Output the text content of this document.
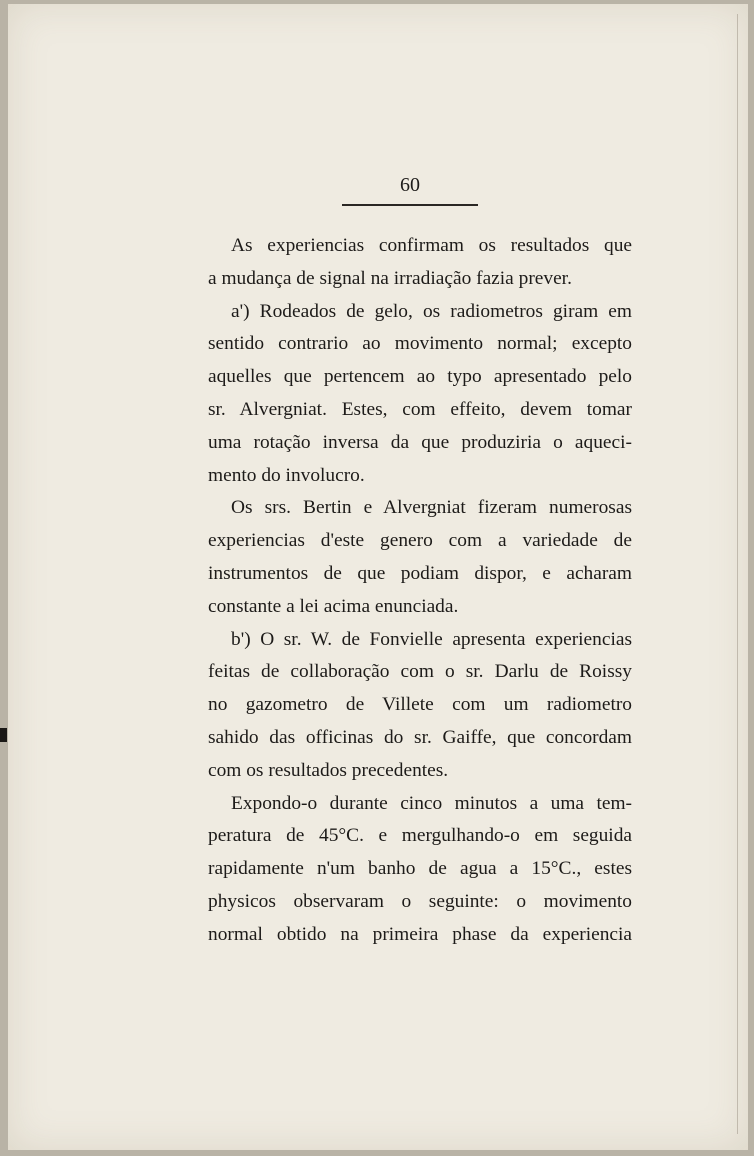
60
As experiencias confirmam os resultados que
a mudança de signal na irradiação fazia prever.
a') Rodeados de gelo, os radiometros giram em
sentido contrario ao movimento normal; excepto
aquelles que pertencem ao typo apresentado pelo
sr. Alvergniat. Estes, com effeito, devem tomar
uma rotação inversa da que produziria o aqueci-
mento do involucro.
Os srs. Bertin e Alvergniat fizeram numerosas
experiencias d'este genero com a variedade de
instrumentos de que podiam dispor, e acharam
constante a lei acima enunciada.
b') O sr. W. de Fonvielle apresenta experiencias
feitas de collaboração com o sr. Darlu de Roissy
no gazometro de Villete com um radiometro
sahido das officinas do sr. Gaiffe, que concordam
com os resultados precedentes.
Expondo-o durante cinco minutos a uma tem-
peratura de 45°C. e mergulhando-o em seguida
rapidamente n'um banho de agua a 15°C., estes
physicos observaram o seguinte: o movimento
normal obtido na primeira phase da experiencia
